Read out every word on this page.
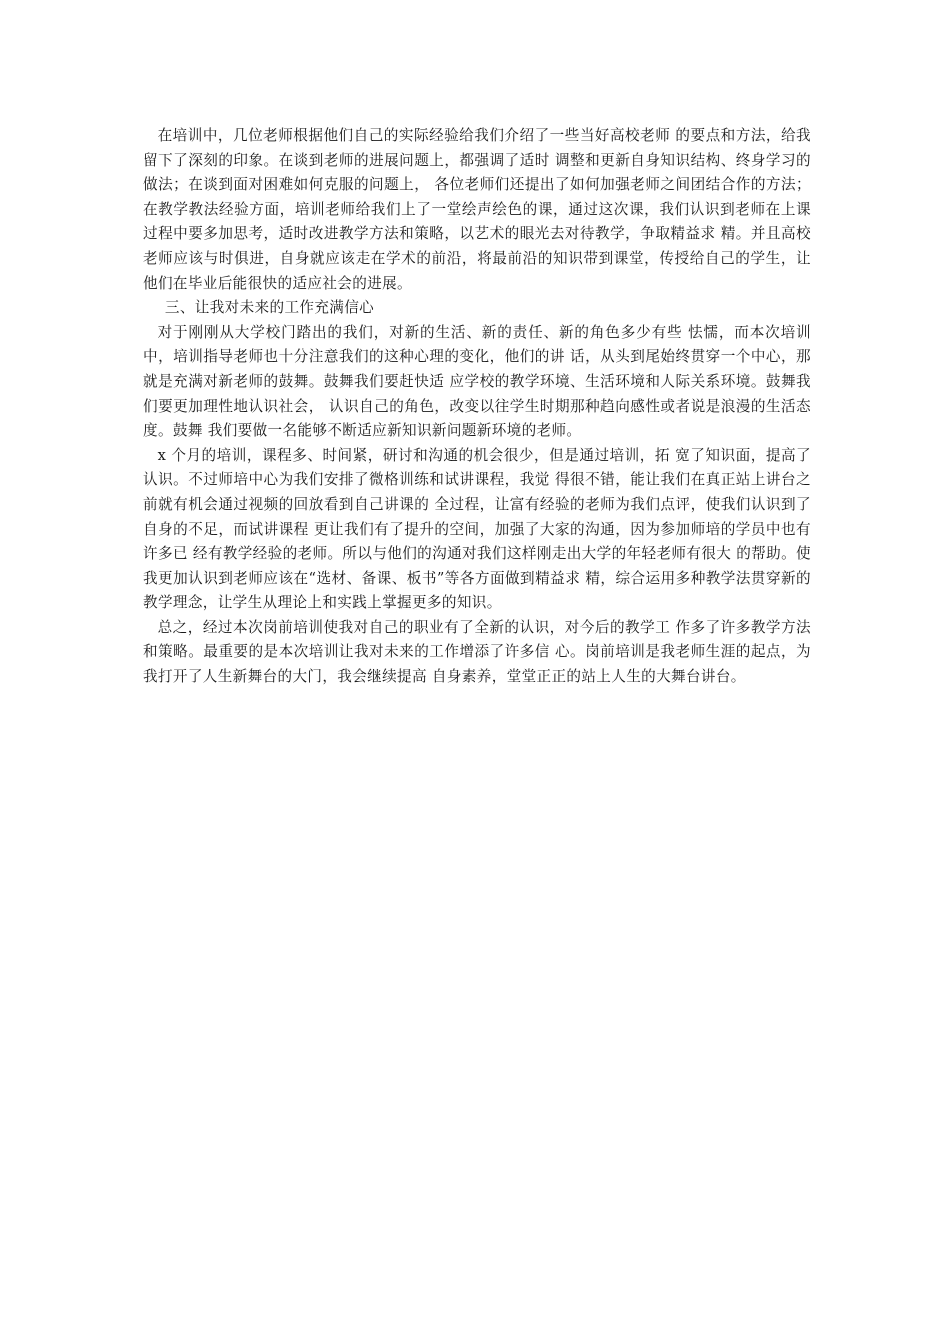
在培训中，几位老师根据他们自己的实际经验给我们介绍了一些当好高校老师 的要点和方法，给我留下了深刻的印象。在谈到老师的进展问题上，都强调了适时 调整和更新自身知识结构、终身学习的做法；在谈到面对困难如何克服的问题上， 各位老师们还提出了如何加强老师之间团结合作的方法；在教学教法经验方面，培训老师给我们上了一堂绘声绘色的课，通过这次课，我们认识到老师在上课过程中要多加思考，适时改进教学方法和策略，以艺术的眼光去对待教学，争取精益求 精。并且高校老师应该与时俱进，自身就应该走在学术的前沿，将最前沿的知识带到课堂，传授给自己的学生，让他们在毕业后能很快的适应社会的进展。

三、让我对未来的工作充满信心

对于刚刚从大学校门踏出的我们，对新的生活、新的责任、新的角色多少有些 怯懦，而本次培训中，培训指导老师也十分注意我们的这种心理的变化，他们的讲 话，从头到尾始终贯穿一个中心，那就是充满对新老师的鼓舞。鼓舞我们要赶快适 应学校的教学环境、生活环境和人际关系环境。鼓舞我们要更加理性地认识社会， 认识自己的角色，改变以往学生时期那种趋向感性或者说是浪漫的生活态度。鼓舞 我们要做一名能够不断适应新知识新问题新环境的老师。

x 个月的培训，课程多、时间紧，研讨和沟通的机会很少，但是通过培训，拓 宽了知识面，提高了认识。不过师培中心为我们安排了微格训练和试讲课程，我觉 得很不错，能让我们在真正站上讲台之前就有机会通过视频的回放看到自己讲课的 全过程，让富有经验的老师为我们点评，使我们认识到了自身的不足，而试讲课程 更让我们有了提升的空间，加强了大家的沟通，因为参加师培的学员中也有许多已 经有教学经验的老师。所以与他们的沟通对我们这样刚走出大学的年轻老师有很大 的帮助。使我更加认识到老师应该在“选材、备课、板书”等各方面做到精益求 精，综合运用多种教学法贯穿新的教学理念，让学生从理论上和实践上掌握更多的知识。

总之，经过本次岗前培训使我对自己的职业有了全新的认识，对今后的教学工 作多了许多教学方法和策略。最重要的是本次培训让我对未来的工作增添了许多信 心。岗前培训是我老师生涯的起点，为我打开了人生新舞台的大门，我会继续提高 自身素养，堂堂正正的站上人生的大舞台讲台。
